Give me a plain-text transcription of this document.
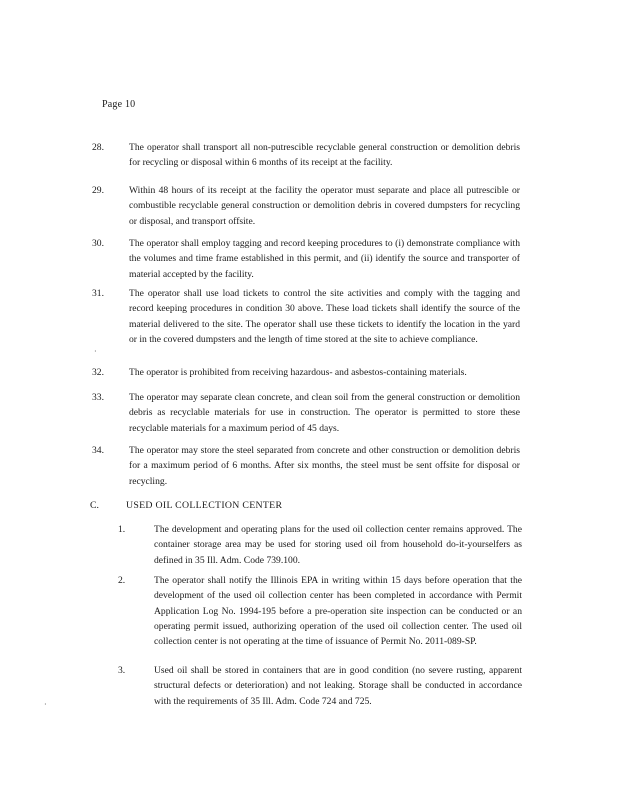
Page 10
28.	The operator shall transport all non-putrescible recyclable general construction or demolition debris for recycling or disposal within 6 months of its receipt at the facility.
29.	Within 48 hours of its receipt at the facility the operator must separate and place all putrescible or combustible recyclable general construction or demolition debris in covered dumpsters for recycling or disposal, and transport offsite.
30.	The operator shall employ tagging and record keeping procedures to (i) demonstrate compliance with the volumes and time frame established in this permit, and (ii) identify the source and transporter of material accepted by the facility.
31.	The operator shall use load tickets to control the site activities and comply with the tagging and record keeping procedures in condition 30 above. These load tickets shall identify the source of the material delivered to the site. The operator shall use these tickets to identify the location in the yard or in the covered dumpsters and the length of time stored at the site to achieve compliance.
32.	The operator is prohibited from receiving hazardous- and asbestos-containing materials.
33.	The operator may separate clean concrete, and clean soil from the general construction or demolition debris as recyclable materials for use in construction. The operator is permitted to store these recyclable materials for a maximum period of 45 days.
34.	The operator may store the steel separated from concrete and other construction or demolition debris for a maximum period of 6 months. After six months, the steel must be sent offsite for disposal or recycling.
C.	USED OIL COLLECTION CENTER
1.	The development and operating plans for the used oil collection center remains approved. The container storage area may be used for storing used oil from household do-it-yourselfers as defined in 35 Ill. Adm. Code 739.100.
2.	The operator shall notify the Illinois EPA in writing within 15 days before operation that the development of the used oil collection center has been completed in accordance with Permit Application Log No. 1994-195 before a pre-operation site inspection can be conducted or an operating permit issued, authorizing operation of the used oil collection center. The used oil collection center is not operating at the time of issuance of Permit No. 2011-089-SP.
3.	Used oil shall be stored in containers that are in good condition (no severe rusting, apparent structural defects or deterioration) and not leaking. Storage shall be conducted in accordance with the requirements of 35 Ill. Adm. Code 724 and 725.
·
·
